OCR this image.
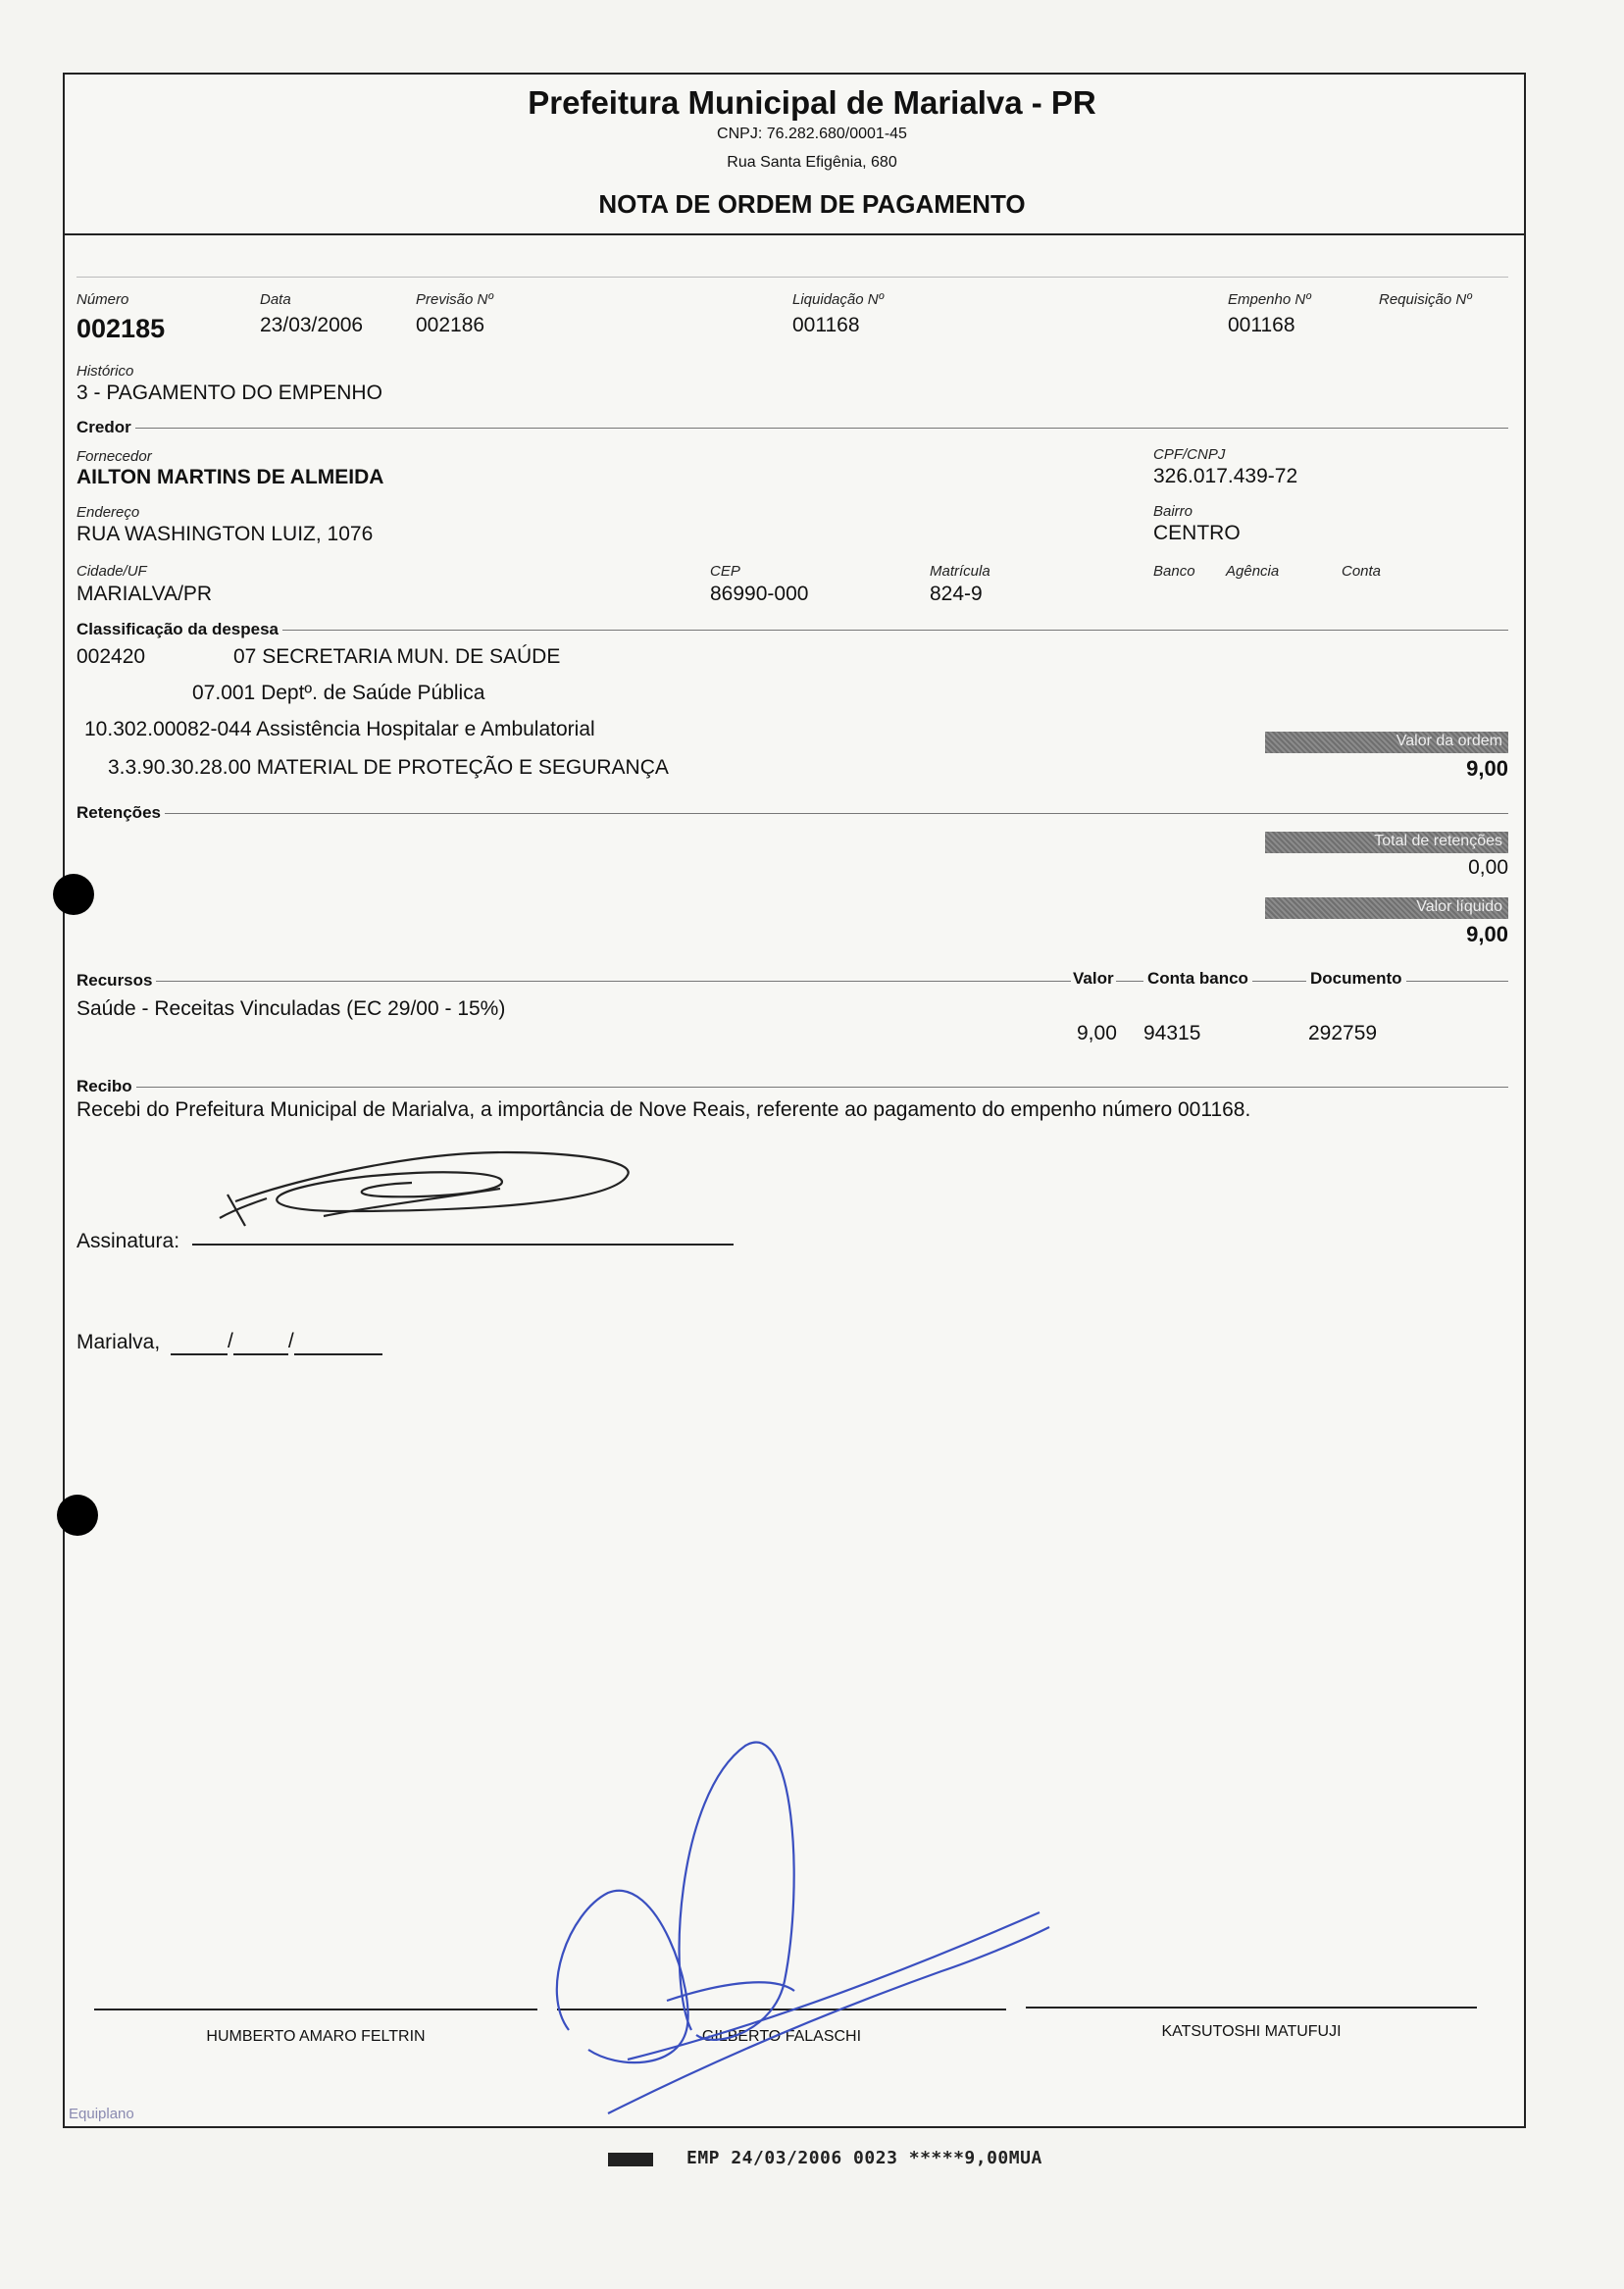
Prefeitura Municipal de Marialva - PR
CNPJ: 76.282.680/0001-45
Rua Santa Efigênia, 680
NOTA DE ORDEM DE PAGAMENTO
Número
002185
Data
23/03/2006
Previsão Nº
002186
Liquidação Nº
001168
Empenho Nº
001168
Requisição Nº
Histórico
3 - PAGAMENTO DO EMPENHO
Credor
Fornecedor
AILTON MARTINS DE ALMEIDA
CPF/CNPJ
326.017.439-72
Endereço
RUA WASHINGTON LUIZ, 1076
Bairro
CENTRO
Cidade/UF
MARIALVA/PR
CEP
86990-000
Matrícula
824-9
Banco Agência	Conta
Classificação da despesa
002420	07 SECRETARIA MUN. DE SAÚDE
07.001 Deptº. de Saúde Pública
10.302.00082-044 Assistência Hospitalar e Ambulatorial
3.3.90.30.28.00 MATERIAL DE PROTEÇÃO E SEGURANÇA
Valor da ordem
9,00
Retenções
Total de retenções
0,00
Valor líquido
9,00
Recursos	Valor Conta banco	Documento
Saúde - Receitas Vinculadas (EC 29/00 - 15%)
9,00 94315	292759
Recibo
Recebi do Prefeitura Municipal de Marialva, a importância de Nove Reais, referente ao pagamento do empenho número 001168.
Assinatura:
Marialva,	/	/
HUMBERTO AMARO FELTRIN	GILBERTO FALASCHI	KATSUTOSHI MATUFUJI
Equiplano
EMP 24/03/2006 0023 *****9,00MUA
